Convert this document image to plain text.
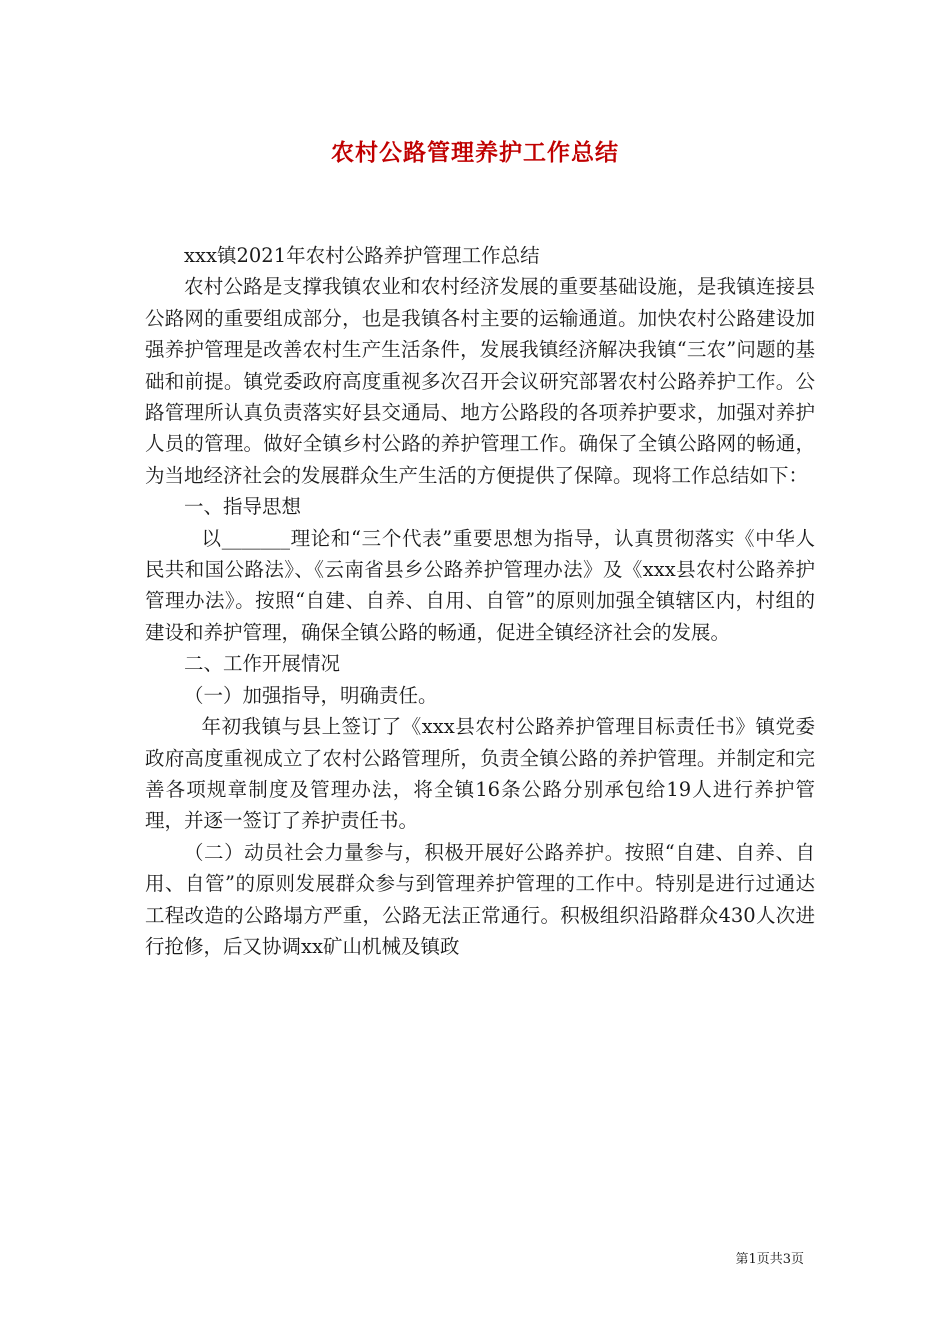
农村公路管理养护工作总结

xxx镇2021年农村公路养护管理工作总结

农村公路是支撑我镇农业和农村经济发展的重要基础设施，是我镇连接县公路网的重要组成部分，也是我镇各村主要的运输通道。加快农村公路建设加强养护管理是改善农村生产生活条件，发展我镇经济解决我镇“三农”问题的基础和前提。镇党委政府高度重视多次召开会议研究部署农村公路养护工作。公路管理所认真负责落实好县交通局、地方公路段的各项养护要求，加强对养护人员的管理。做好全镇乡村公路的养护管理工作。确保了全镇公路网的畅通，为当地经济社会的发展群众生产生活的方便提供了保障。现将工作总结如下：

一、指导思想

以_______理论和“三个代表”重要思想为指导，认真贯彻落实《中华人民共和国公路法》、《云南省县乡公路养护管理办法》及《xxx县农村公路养护管理办法》。按照“自建、自养、自用、自管”的原则加强全镇辖区内，村组的建设和养护管理，确保全镇公路的畅通，促进全镇经济社会的发展。

二、工作开展情况

（一）加强指导，明确责任。

年初我镇与县上签订了《xxx县农村公路养护管理目标责任书》镇党委政府高度重视成立了农村公路管理所，负责全镇公路的养护管理。并制定和完善各项规章制度及管理办法，将全镇16条公路分别承包给19人进行养护管理，并逐一签订了养护责任书。

（二）动员社会力量参与，积极开展好公路养护。按照“自建、自养、自用、自管”的原则发展群众参与到管理养护管理的工作中。特别是进行过通达工程改造的公路塌方严重，公路无法正常通行。积极组织沿路群众430人次进行抢修，后又协调xx矿山机械及镇政

第1页共3页
